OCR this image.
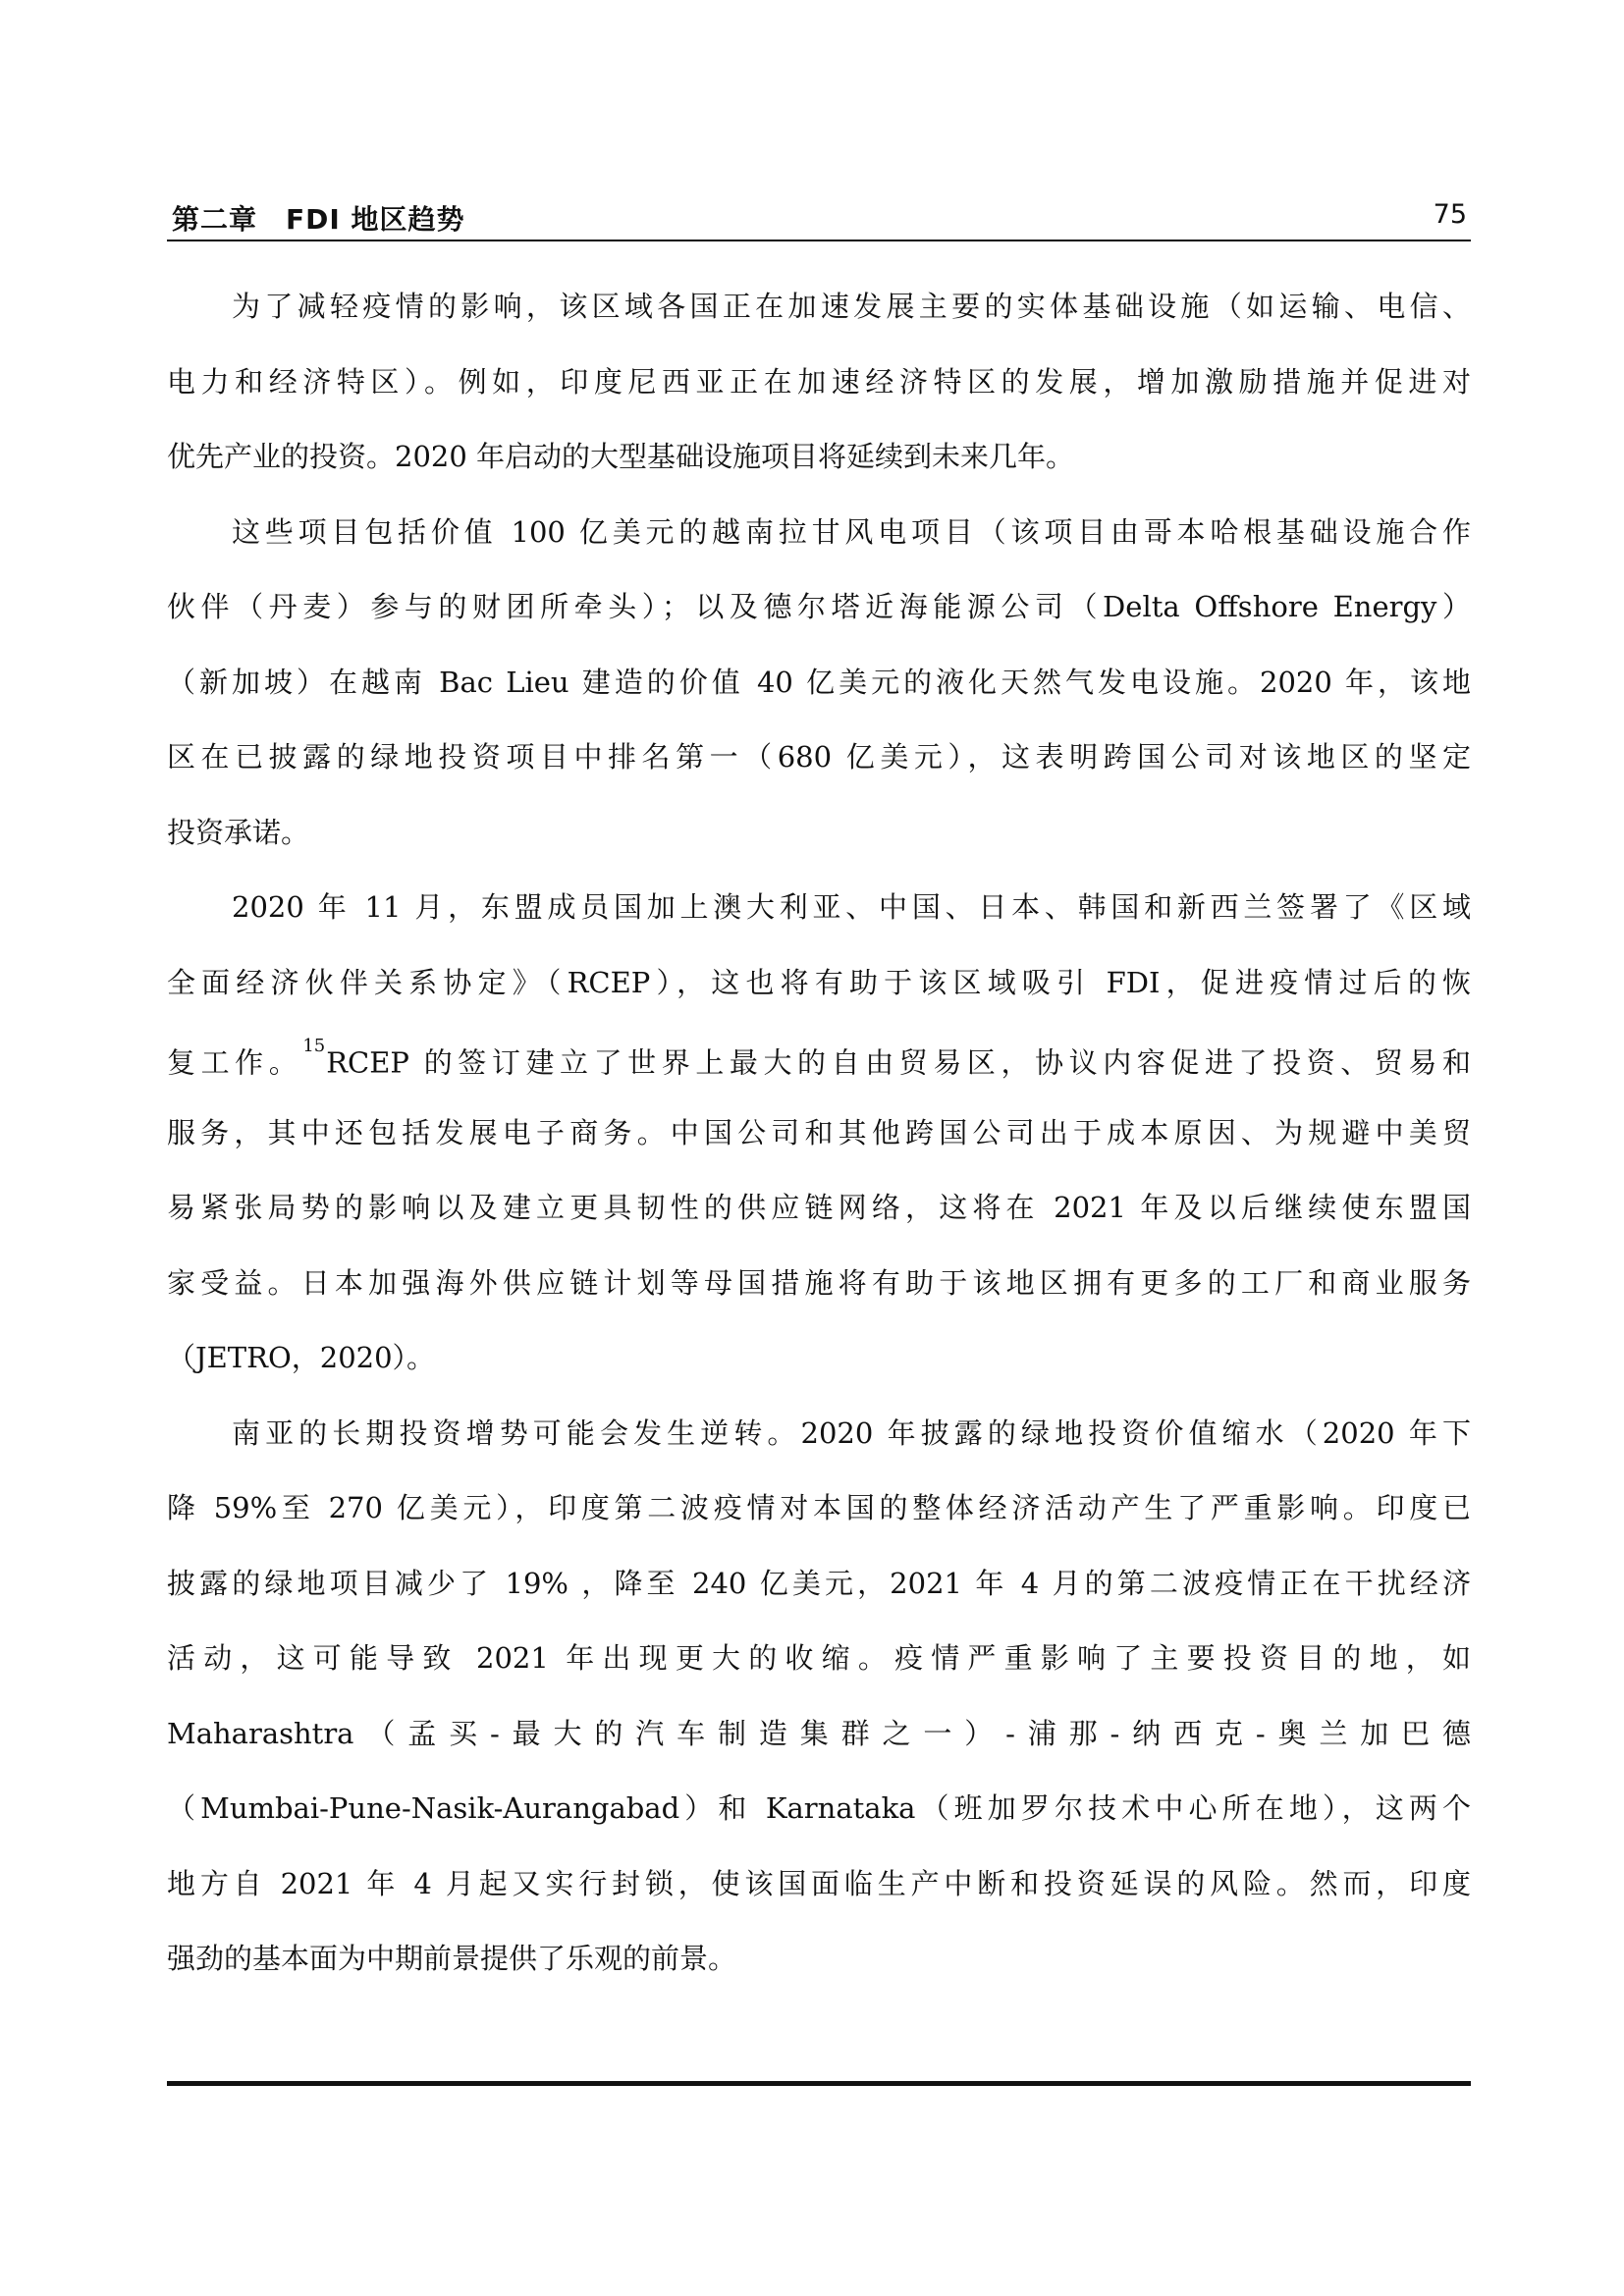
第二章　FDI 地区趋势	75

为了减轻疫情的影响，该区域各国正在加速发展主要的实体基础设施（如运输、电信、
电力和经济特区）。例如，印度尼西亚正在加速经济特区的发展，增加激励措施并促进对
优先产业的投资。2020 年启动的大型基础设施项目将延续到未来几年。

这些项目包括价值 100 亿美元的越南拉甘风电项目（该项目由哥本哈根基础设施合作
伙伴（丹麦）参与的财团所牵头）；以及德尔塔近海能源公司（Delta Offshore Energy）
（新加坡）在越南 Bac Lieu 建造的价值 40 亿美元的液化天然气发电设施。2020 年，该地
区在已披露的绿地投资项目中排名第一（680 亿美元），这表明跨国公司对该地区的坚定
投资承诺。

2020 年 11 月，东盟成员国加上澳大利亚、中国、日本、韩国和新西兰签署了《区域
全面经济伙伴关系协定》（RCEP），这也将有助于该区域吸引 FDI，促进疫情过后的恢
复工作。$^{15}$RCEP 的签订建立了世界上最大的自由贸易区，协议内容促进了投资、贸易和
服务，其中还包括发展电子商务。中国公司和其他跨国公司出于成本原因、为规避中美贸
易紧张局势的影响以及建立更具韧性的供应链网络，这将在 2021 年及以后继续使东盟国
家受益。日本加强海外供应链计划等母国措施将有助于该地区拥有更多的工厂和商业服务
（JETRO，2020）。

南亚的长期投资增势可能会发生逆转。2020 年披露的绿地投资价值缩水（2020 年下
降 59%至 270 亿美元），印度第二波疫情对本国的整体经济活动产生了严重影响。印度已
披露的绿地项目减少了 19% ，降至 240 亿美元，2021 年 4 月的第二波疫情正在干扰经济
活动，这可能导致 2021 年出现更大的收缩。疫情严重影响了主要投资目的地，如
Maharashtra（孟买-最大的汽车制造集群之一）-浦那-纳西克-奥兰加巴德
（Mumbai-Pune-Nasik-Aurangabad）和 Karnataka（班加罗尔技术中心所在地），这两个
地方自 2021 年 4 月起又实行封锁，使该国面临生产中断和投资延误的风险。然而，印度
强劲的基本面为中期前景提供了乐观的前景。
